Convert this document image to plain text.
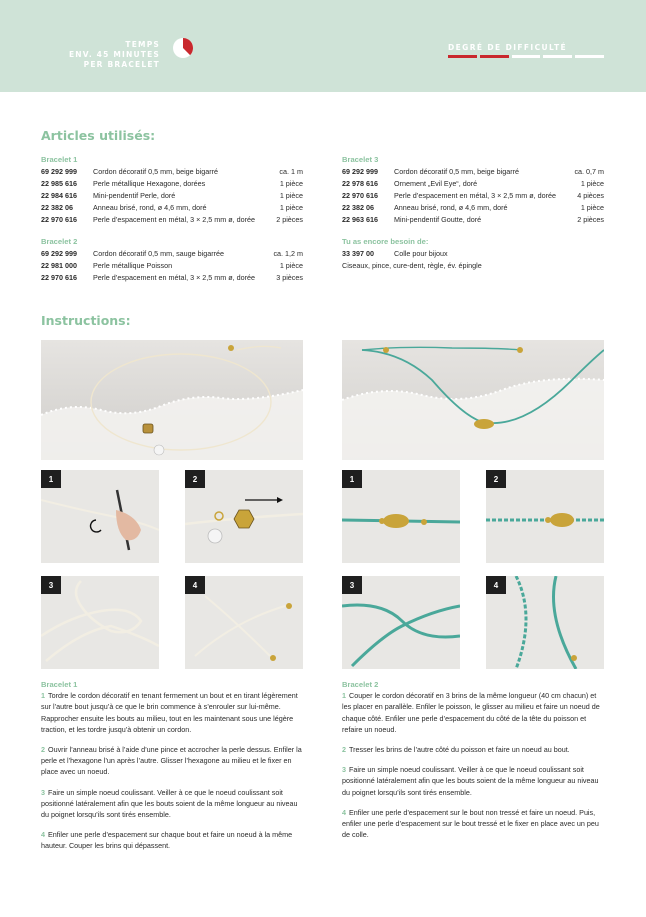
TEMPS
ENV. 45 MINUTES
PER BRACELET
DEGRÉ DE DIFFICULTÉ
Articles utilisés:
Bracelet 1
69 292 999	Cordon décoratif 0,5 mm, beige bigarré	ca. 1 m
22 985 616	Perle métallique Hexagone, dorées	1 pièce
22 984 616	Mini-pendentif Perle, doré	1 pièce
22 382 06	Anneau brisé, rond, ø 4,6 mm, doré	1 pièce
22 970 616	Perle d’espacement en métal, 3 × 2,5 mm ø, dorée	2 pièces
Bracelet 2
69 292 999	Cordon décoratif 0,5 mm, sauge bigarrée	ca. 1,2 m
22 981 000	Perle métallique Poisson	1 pièce
22 970 616	Perle d’espacement en métal, 3 × 2,5 mm ø, dorée	3 pièces
Bracelet 3
69 292 999	Cordon décoratif 0,5 mm, beige bigarré	ca. 0,7 m
22 978 616	Ornement „Evil Eye“, doré	1 pièce
22 970 616	Perle d’espacement en métal, 3 × 2,5 mm ø, dorée	4 pièces
22 382 06	Anneau brisé, rond, ø 4,6 mm, doré	1 pièce
22 963 616	Mini-pendentif Goutte, doré	2 pièces
Tu as encore besoin de:
33 397 00	Colle pour bijoux
Ciseaux, pince, cure-dent, règle, év. épingle
Instructions:
1	2
3	4
1	2
3	4
Bracelet 1

1 Tordre le cordon décoratif en tenant fermement un bout et en tirant légèrement sur l’autre bout jusqu’à ce que le brin commence à s’enrouler sur lui-même. Rapprocher ensuite les bouts au milieu, tout en les maintenant sous une légère traction, et les tordre jusqu’à obtenir un cordon.

2 Ouvrir l’anneau brisé à l’aide d’une pince et accrocher la perle dessus. Enfiler la perle et l’hexagone l’un après l’autre. Glisser l’hexagone au milieu et le fixer en place avec un noeud.

3 Faire un simple noeud coulissant. Veiller à ce que le noeud coulissant soit positionné latéralement afin que les bouts soient de la même longueur au niveau du poignet lorsqu’ils sont tirés ensemble.

4 Enfiler une perle d’espacement sur chaque bout et faire un noeud à la même hauteur. Couper les brins qui dépassent.

Bracelet 2

1 Couper le cordon décoratif en 3 brins de la même longueur (40 cm chacun) et les placer en parallèle. Enfiler le poisson, le glisser au milieu et faire un noeud de chaque côté. Enfiler une perle d’espacement du côté de la tête du poisson et refaire un noeud.

2 Tresser les brins de l’autre côté du poisson et faire un noeud au bout.

3 Faire un simple noeud coulissant. Veiller à ce que le noeud coulissant soit positionné latéralement afin que les bouts soient de la même longueur au niveau du poignet lorsqu’ils sont tirés ensemble.

4 Enfiler une perle d’espacement sur le bout non tressé et faire un noeud. Puis, enfiler une perle d’espacement sur le bout tressé et le fixer en place avec un peu de colle.
